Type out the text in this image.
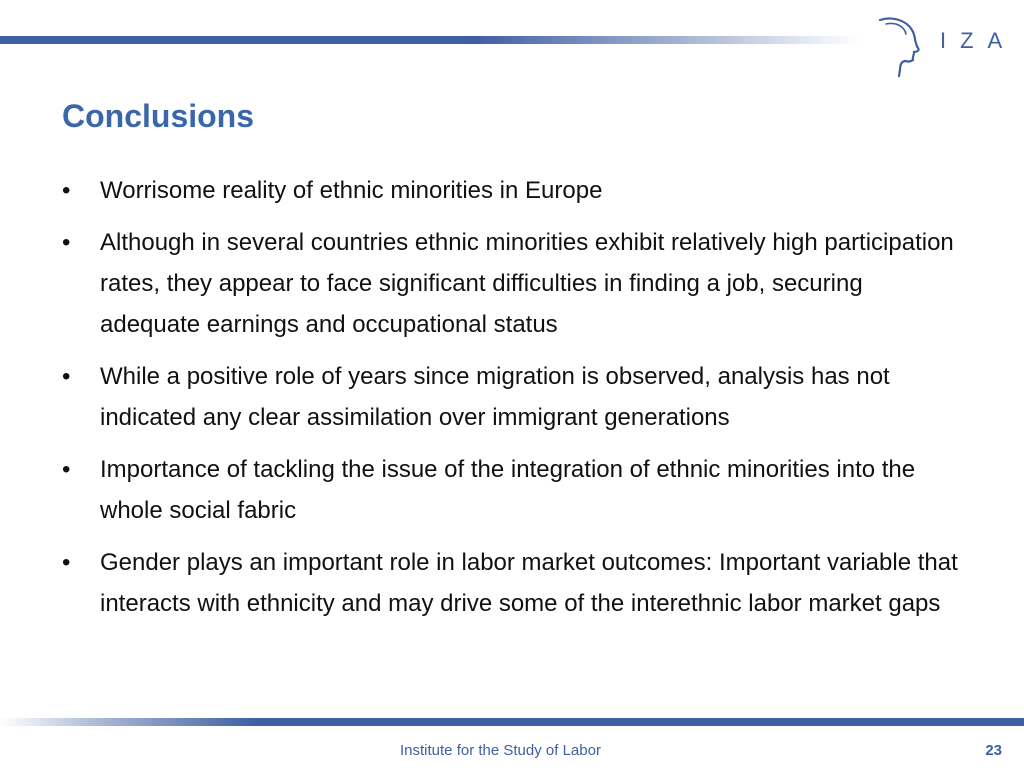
IZA
Conclusions
•	Worrisome reality of ethnic minorities in Europe
•	Although in several countries ethnic minorities exhibit relatively high participation rates, they appear to face significant difficulties in finding a job, securing adequate earnings and occupational status
•	While a positive role of years since migration is observed, analysis has not indicated any clear assimilation over immigrant generations
•	Importance of tackling the issue of the integration of ethnic minorities into the whole social fabric
•	Gender plays an important role in labor market outcomes: Important variable that interacts with ethnicity and may drive some of the interethnic labor market gaps
Institute for the Study of Labor	23
